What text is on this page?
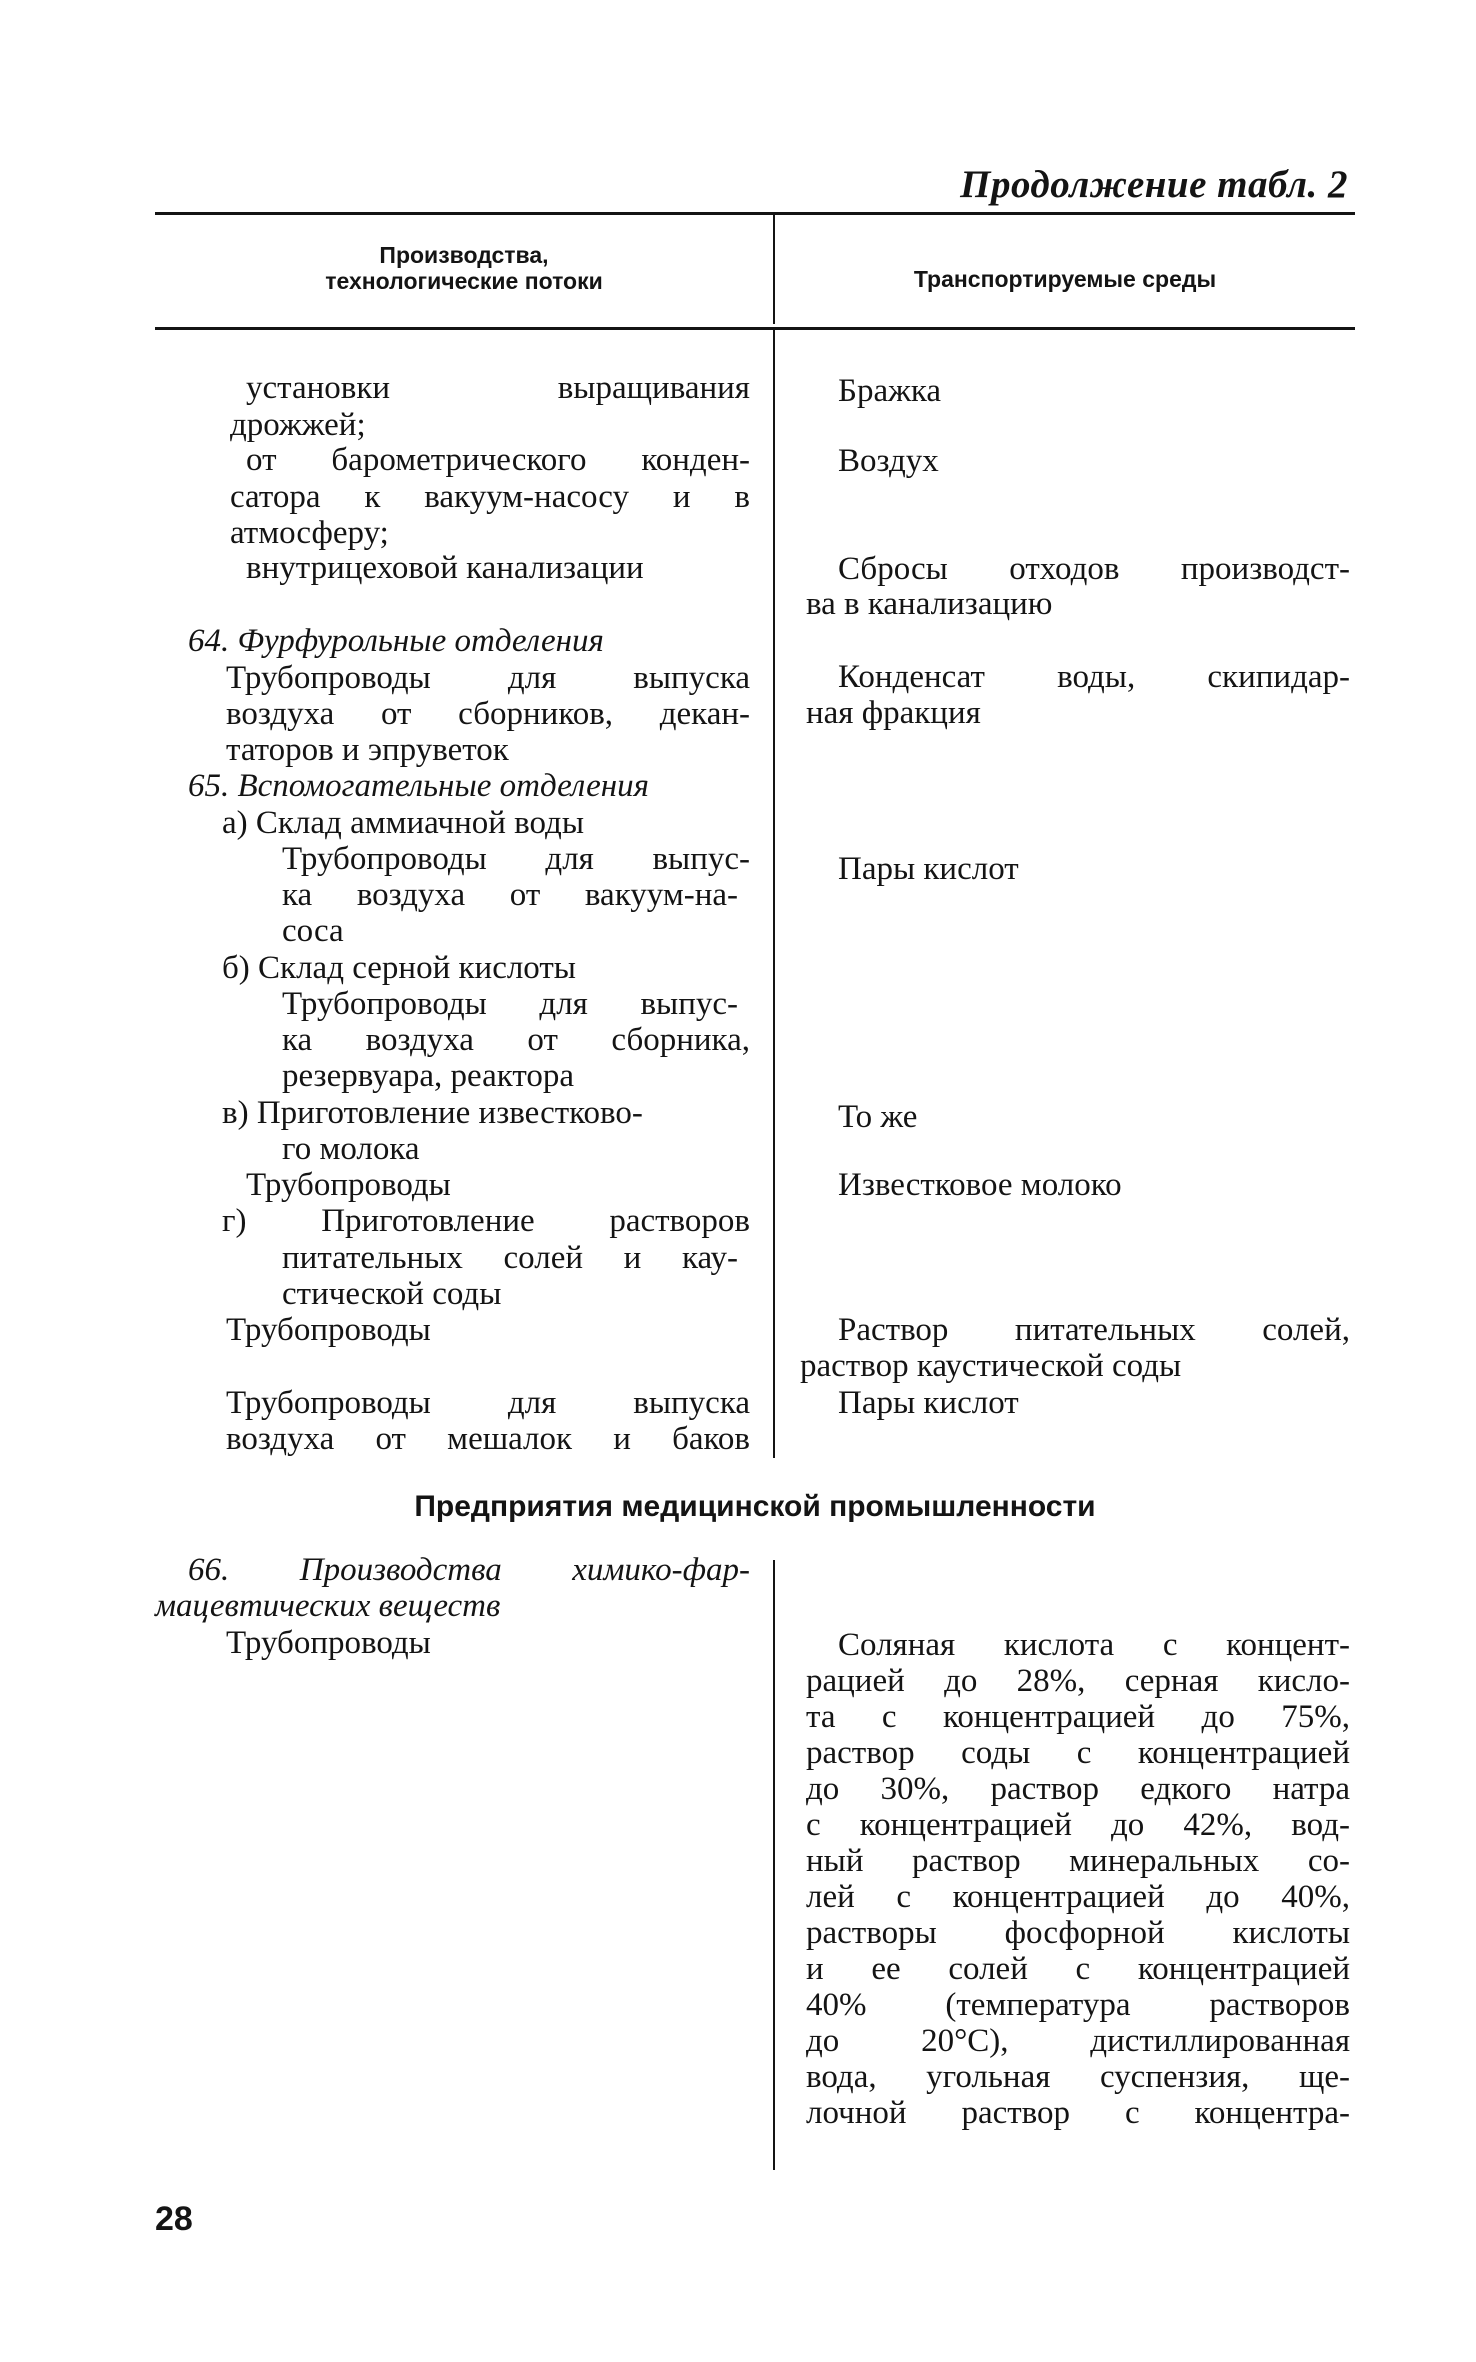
Продолжение табл. 2
Производства,
технологические потоки	Транспортируемые среды
установки выращивания
дрожжей;
от барометрического конден-
сатора к вакуум-насосу и в
атмосферу;
внутрицеховой канализации
64. Фурфурольные отделения
Трубопроводы для выпуска
воздуха от сборников, декан-
таторов и эпруветок
65. Вспомогательные отделения
а) Склад аммиачной воды
Трубопроводы для выпус-
ка воздуха от вакуум-на-
соса
б) Склад серной кислоты
Трубопроводы для выпус-
ка воздуха от сборника,
резервуара, реактора
в) Приготовление известково-
го молока
Трубопроводы
г) Приготовление растворов
питательных солей и кау-
стической соды
Трубопроводы
Трубопроводы для выпуска
воздуха от мешалок и баков
Бражка
Воздух
Сбросы отходов производст-
ва в канализацию
Конденсат воды, скипидар-
ная фракция
Пары кислот
То же
Известковое молоко
Раствор питательных солей,
раствор каустической соды
Пары кислот
Предприятия медицинской промышленности
66. Производства химико-фар-
мацевтических веществ
Трубопроводы	Соляная кислота с концент-
рацией до 28%, серная кисло-
та с концентрацией до 75%,
раствор соды с концентрацией
до 30%, раствор едкого натра
с концентрацией до 42%, вод-
ный раствор минеральных со-
лей с концентрацией до 40%,
растворы фосфорной кислоты
и ее солей с концентрацией
40% (температура растворов
до 20°С), дистиллированная
вода, угольная суспензия, ще-
лочной раствор с концентра-
28
